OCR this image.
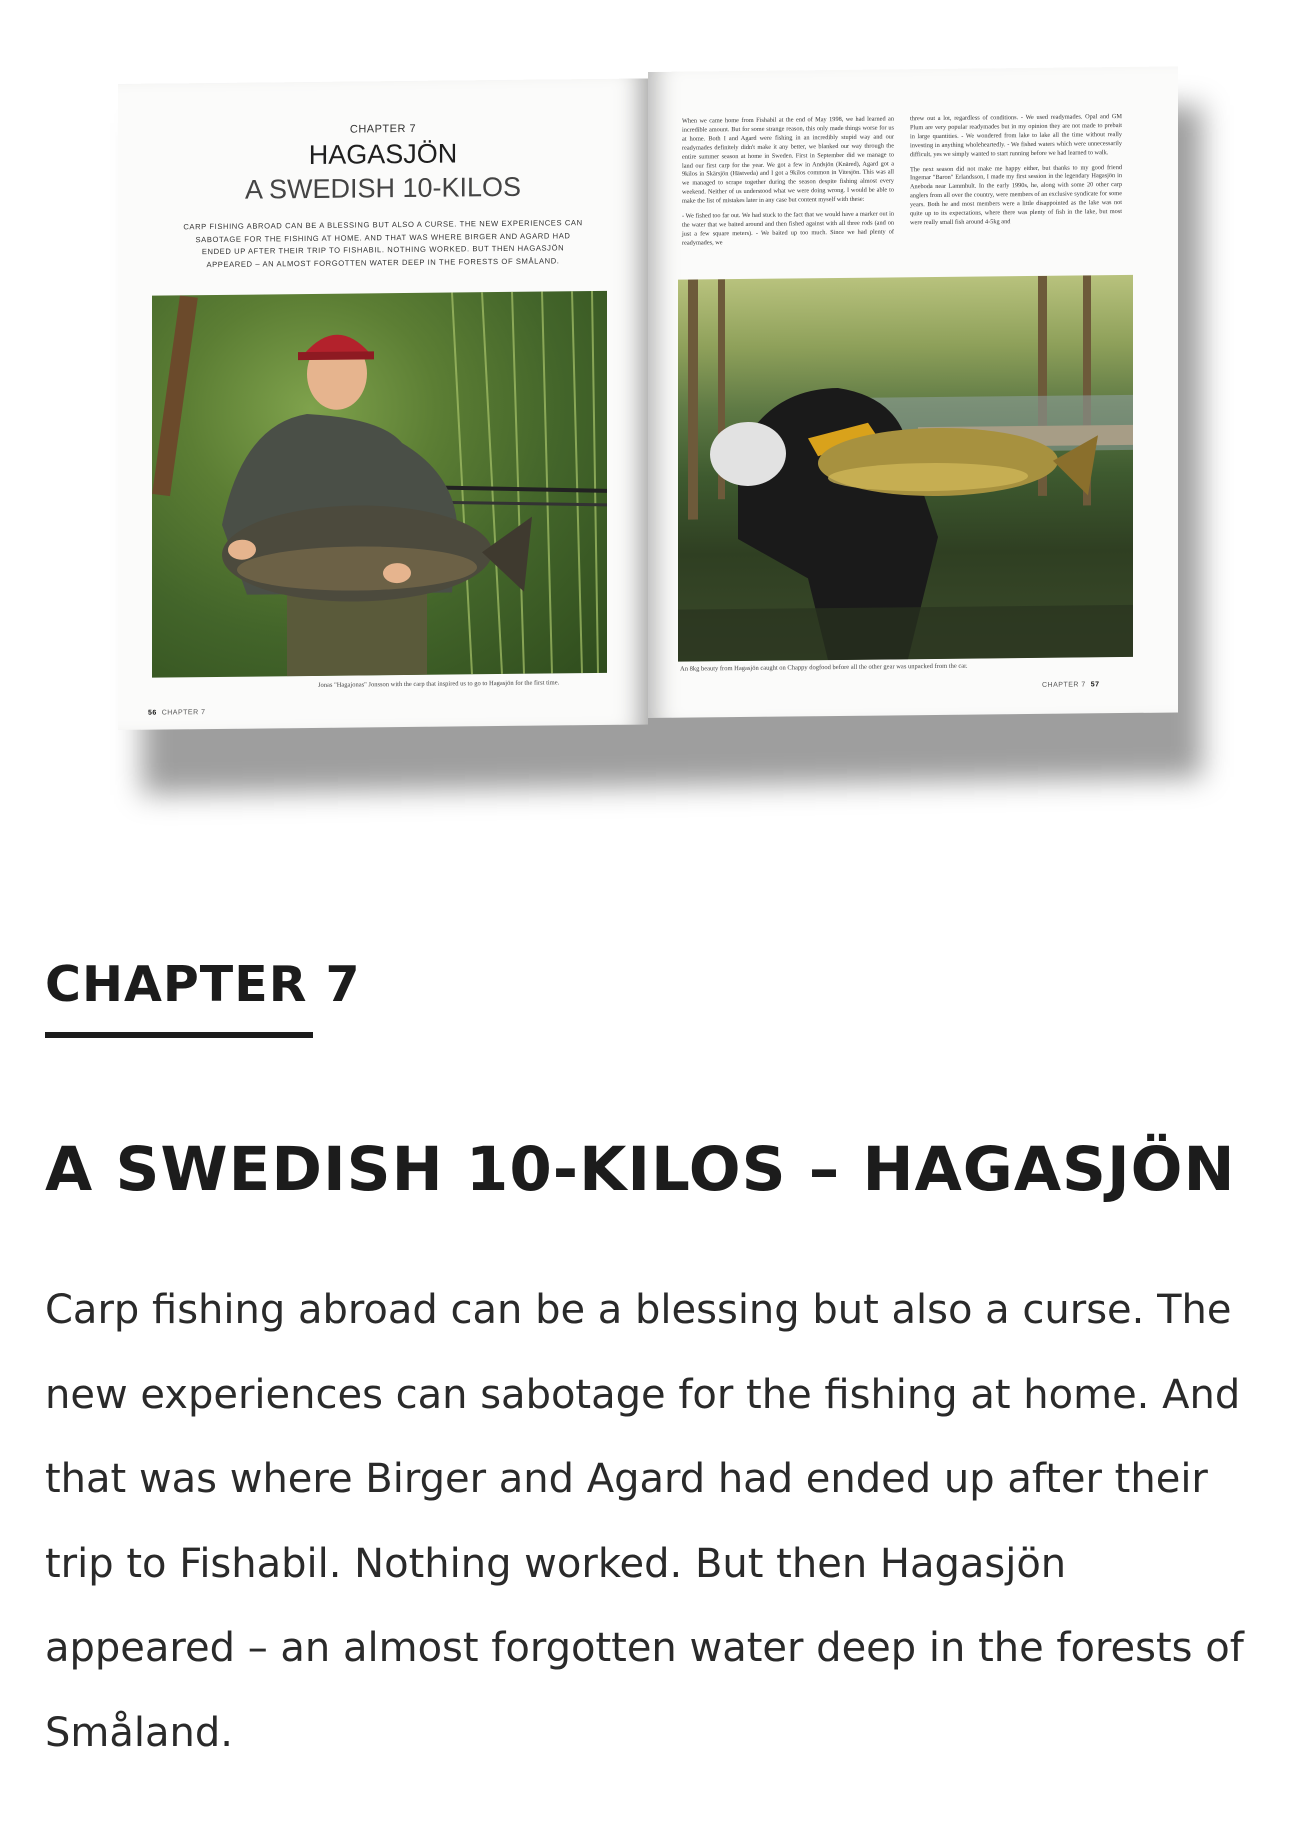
CHAPTER 7
HAGASJÖN
A SWEDISH 10-KILOS
CARP FISHING ABROAD CAN BE A BLESSING BUT ALSO A CURSE. THE NEW EXPERIENCES CAN SABOTAGE FOR THE FISHING AT HOME. AND THAT WAS WHERE BIRGER AND AGARD HAD ENDED UP AFTER THEIR TRIP TO FISHABIL. NOTHING WORKED. BUT THEN HAGASJÖN APPEARED – AN ALMOST FORGOTTEN WATER DEEP IN THE FORESTS OF SMÅLAND.
Jonas "Hagajonas" Jonsson with the carp that inspired us to go to Hagasjön for the first time.
56 CHAPTER 7

When we came home from Fishabil at the end of May 1998, we had learned an incredible amount. But for some strange reason, this only made things worse for us at home. Both I and Agard were fishing in an incredibly stupid way and our readymades definitely didn't make it any better, we blanked our way through the entire summer season at home in Sweden. First in September did we manage to land our first carp for the year. We got a few in Andsjön (Knäred), Agard got a 9kilos in Skärsjön (Hästveda) and I got a 9kilos common in Vitesjön. This was all we managed to scrape together during the season despite fishing almost every weekend. Neither of us understood what we were doing wrong. I would be able to make the list of mistakes later in any case but content myself with these:

- We fished too far out. We had stuck to the fact that we would have a marker out in the water that we baited around and then fished against with all three rods (and on just a few square meters). - We baited up too much. Since we had plenty of readymades, we

threw out a lot, regardless of conditions. - We used readymades. Opal and GM Plum are very popular readymades but in my opinion they are not made to prebait in large quantities. - We wondered from lake to lake all the time without really investing in anything wholeheartedly. - We fished waters which were unnecessarily difficult, yes we simply wanted to start running before we had learned to walk.

The next season did not make me happy either, but thanks to my good friend Ingemar "Baron" Erlandsson, I made my first session in the legendary Hagasjön in Aneboda near Lammhult. In the early 1990s, he, along with some 20 other carp anglers from all over the country, were members of an exclusive syndicate for some years. Both he and most members were a little disappointed as the lake was not quite up to its expectations, where there was plenty of fish in the lake, but most were really small fish around 4-5kg and

An 8kg beauty from Hagasjön caught on Chappy dogfood before all the other gear was unpacked from the car.
CHAPTER 7 57
CHAPTER 7
A SWEDISH 10-KILOS – HAGASJÖN
Carp fishing abroad can be a blessing but also a curse. The new experiences can sabotage for the fishing at home. And that was where Birger and Agard had ended up after their trip to Fishabil. Nothing worked. But then Hagasjön appeared – an almost forgotten water deep in the forests of Småland.
